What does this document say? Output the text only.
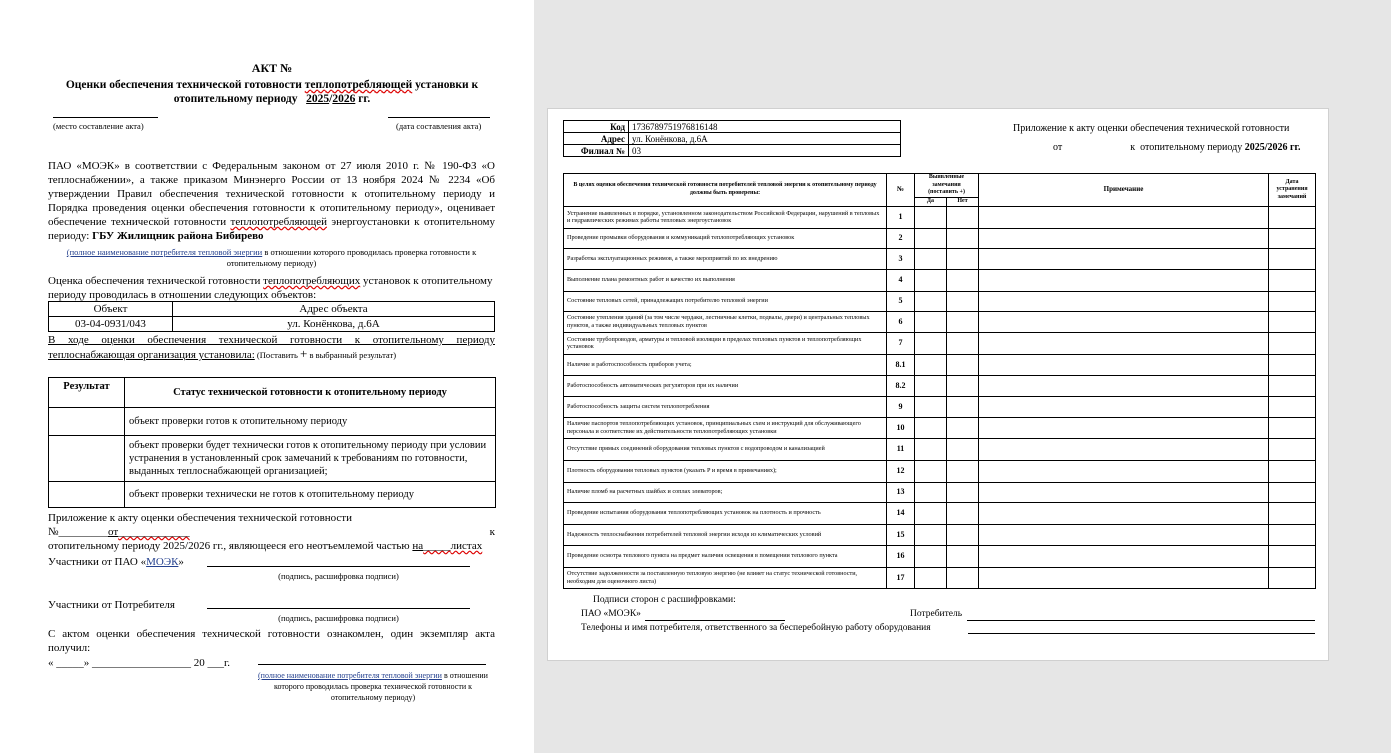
АКТ №
Оценки обеспечения технической готовности теплопотребляющей установки к
отопительному периоду 2025/2026 гг.
(место составление акта)	(дата составления акта)
ПАО «МОЭК» в соответствии с Федеральным законом от 27 июля 2010 г. № 190-ФЗ «О теплоснабжении», а также приказом Минэнерго России от 13 ноября 2024 № 2234 «Об утверждении Правил обеспечения технической готовности к отопительному периоду и Порядка проведения оценки обеспечения готовности к отопительному периоду», оценивает обеспечение технической готовности теплопотребляющей энергоустановки к отопительному периоду: ГБУ Жилищник района Бибирево
(полное наименование потребителя тепловой энергии в отношении которого проводилась проверка готовности к отопительному периоду)
Оценка обеспечения технической готовности теплопотребляющих установок к отопительному периоду проводилась в отношении следующих объектов:
Объект	Адрес объекта
03-04-0931/043	ул. Конёнкова, д.6А
В ходе оценки обеспечения технической готовности к отопительному периоду теплоснабжающая организация установила: (Поставить + в выбранный результат)
Результат	Статус технической готовности к отопительному периоду
	объект проверки готов к отопительному периоду
	объект проверки будет технически готов к отопительному периоду при условии устранения в установленный срок замечаний к требованиям по готовности, выданных теплоснабжающей организацией;
	объект проверки технически не готов к отопительному периоду
Приложение к акту оценки обеспечения технической готовности №_________от_____________	к

отопительному периоду 2025/2026 гг., являющееся его неотъемлемой частью на_____листах
Участники от ПАО «МОЭК»
(подпись, расшифровка подписи)
Участники от Потребителя
(подпись, расшифровка подписи)
С актом оценки обеспечения технической готовности ознакомлен, один экземпляр акта получил:
« _____» __________________ 20 ___г.
(полное наименование потребителя тепловой энергии в отношении которого проводилась проверка технической готовности к отопительному периоду)
Код	1736789751976816148
Адрес	ул. Конёнкова, д.6А
Филиал №	03
Приложение к акту оценки обеспечения технической готовности
от	к отопительному периоду 2025/2026 гг.
В целях оценки обеспечения технической готовности потребителей тепловой энергии к отопительному периоду должны быть проверены:	№	Выявленные замечания (поставить +)		Примечание	Дата устранения замечаний
		Да	Нет		
Устранение выявленных в порядке, установленном законодательством Российской Федерации, нарушений в тепловых и гидравлических режимах работы тепловых энергоустановок	1				
Проведение промывки оборудования и коммуникаций теплопотребляющих установок	2				
Разработка эксплуатационных режимов, а также мероприятий по их внедрению	3				
Выполнение плана ремонтных работ и качество их выполнения	4				
Состояние тепловых сетей, принадлежащих потребителю тепловой энергии	5				
Состояние утепления зданий (за том числе чердаки, лестничные клетки, подвалы, двери) и центральных тепловых пунктов, а также индивидуальных тепловых пунктов	6				
Состояние трубопроводов, арматуры и тепловой изоляции в пределах тепловых пунктов и теплопотребляющих установок	7				
Наличие и работоспособность приборов учета;	8.1				
Работоспособность автоматических регуляторов при их наличии	8.2				
Работоспособность защиты систем теплопотребления	9				
Наличие паспортов теплопотребляющих установок, принципиальных схем и инструкций для обслуживающего персонала и соответствие их действительности теплопотребляющих установки	10				
Отсутствие прямых соединений оборудования тепловых пунктов с водопроводом и канализацией	11				
Плотность оборудования тепловых пунктов (указать Р и время в примечаниях);	12				
Наличие пломб на расчетных шайбах и соплах элеваторов;	13				
Проведение испытания оборудования теплопотребляющих установок на плотность и прочность	14				
Надежность теплоснабжения потребителей тепловой энергии исходя из климатических условий	15				
Проведение осмотра теплового пункта на предмет наличия освещения в помещении теплового пункта	16				
Отсутствие задолженности за поставленную тепловую энергию (не влияет на статус технической готовности, необходим для оценочного листа)	17				
Подписи сторон с расшифровками:
ПАО «МОЭК»	Потребитель
Телефоны и имя потребителя, ответственного за бесперебойную работу оборудования
